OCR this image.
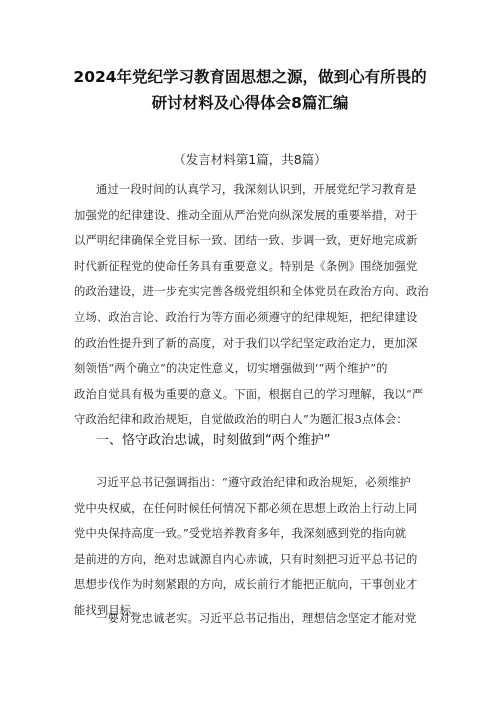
2024年党纪学习教育固思想之源，做到心有所畏的
研讨材料及心得体会8篇汇编
（发言材料第1篇，共8篇）
通过一段时间的认真学习，我深刻认识到，开展党纪学习教育是
加强党的纪律建设、推动全面从严治党向纵深发展的重要举措，对于
以严明纪律确保全党目标一致、团结一致、步调一致，更好地完成新
时代新征程党的使命任务具有重要意义。特别是《条例》围绕加强党
的政治建设，进一步充实完善各级党组织和全体党员在政治方向、政治
立场、政治言论、政治行为等方面必须遵守的纪律规矩，把纪律建设
的政治性提升到了新的高度，对于我们以学纪坚定政治定力，更加深
刻领悟“两个确立”的决定性意义，切实增强做到‘“两个维护”的
政治自觉具有极为重要的意义。下面，根据自己的学习理解，我以“严
守政治纪律和政治规矩，自觉做政治的明白人”为题汇报3点体会：
一、恪守政治忠诚，时刻做到“两个维护”
习近平总书记强调指出：“遵守政治纪律和政治规矩，必须维护
党中央权威，在任何时候任何情况下都必须在思想上政治上行动上同
党中央保持高度一致。”受党培养教育多年，我深刻感到党的指向就
是前进的方向，绝对忠诚源自内心赤诚，只有时刻把习近平总书记的
思想步伐作为时刻紧跟的方向，成长前行才能把正航向，干事创业才
能找到目标。
一要对党忠诚老实。习近平总书记指出，理想信念坚定才能对党
